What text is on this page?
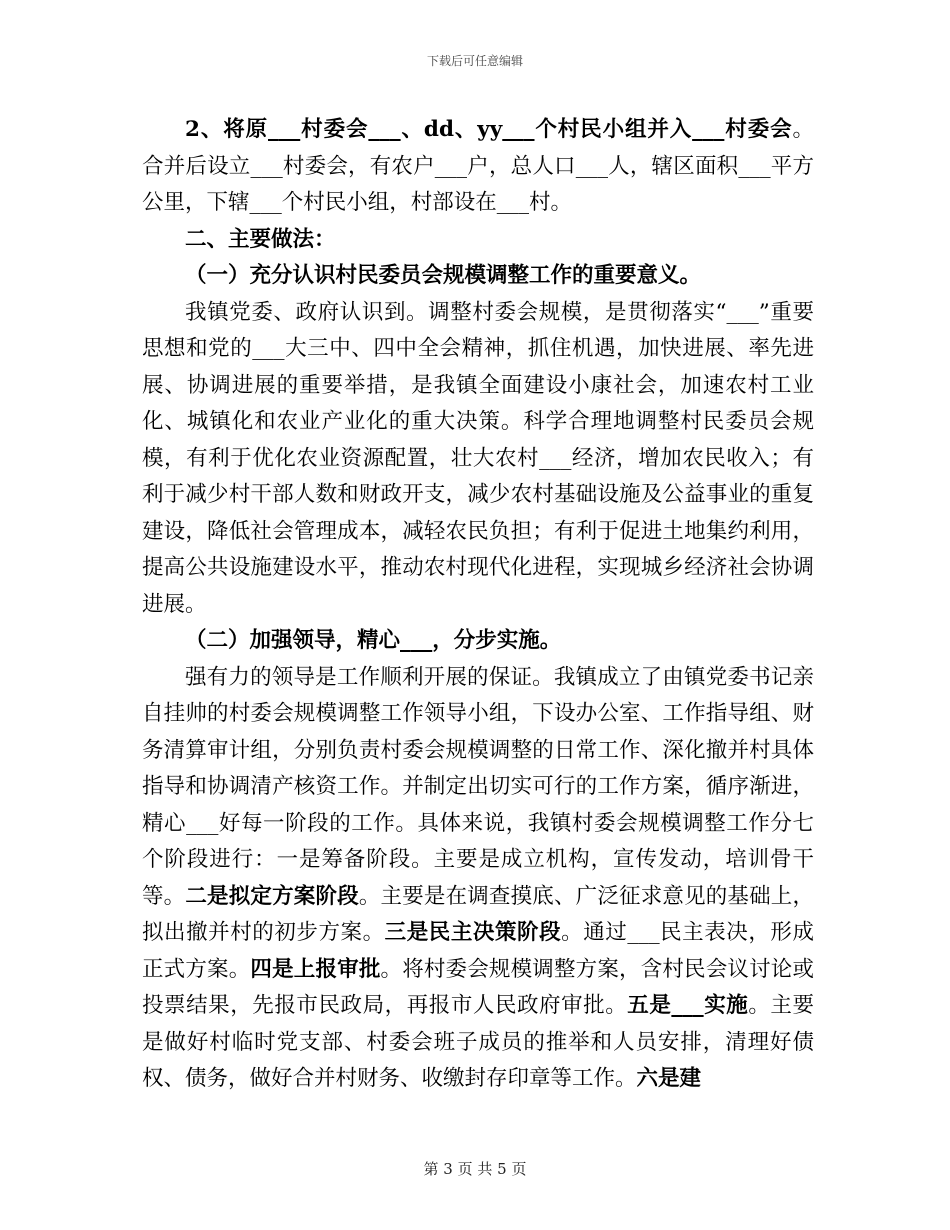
下载后可任意编辑

2、将原___村委会___、dd、yy___个村民小组并入___村委会。合并后设立___村委会，有农户___户，总人口___人，辖区面积___平方公里，下辖___个村民小组，村部设在___村。

二、主要做法：

（一）充分认识村民委员会规模调整工作的重要意义。

我镇党委、政府认识到。调整村委会规模，是贯彻落实“___”重要思想和党的___大三中、四中全会精神，抓住机遇，加快进展、率先进展、协调进展的重要举措，是我镇全面建设小康社会，加速农村工业化、城镇化和农业产业化的重大决策。科学合理地调整村民委员会规模，有利于优化农业资源配置，壮大农村___经济，增加农民收入；有利于减少村干部人数和财政开支，减少农村基础设施及公益事业的重复建设，降低社会管理成本，减轻农民负担；有利于促进土地集约利用，提高公共设施建设水平，推动农村现代化进程，实现城乡经济社会协调进展。

（二）加强领导，精心___，分步实施。

强有力的领导是工作顺利开展的保证。我镇成立了由镇党委书记亲自挂帅的村委会规模调整工作领导小组，下设办公室、工作指导组、财务清算审计组，分别负责村委会规模调整的日常工作、深化撤并村具体指导和协调清产核资工作。并制定出切实可行的工作方案，循序渐进，精心___好每一阶段的工作。具体来说，我镇村委会规模调整工作分七个阶段进行：一是筹备阶段。主要是成立机构，宣传发动，培训骨干等。二是拟定方案阶段。主要是在调查摸底、广泛征求意见的基础上，拟出撤并村的初步方案。三是民主决策阶段。通过___民主表决，形成正式方案。四是上报审批。将村委会规模调整方案，含村民会议讨论或投票结果，先报市民政局，再报市人民政府审批。五是___实施。主要是做好村临时党支部、村委会班子成员的推举和人员安排，清理好债权、债务，做好合并村财务、收缴封存印章等工作。六是建

第 3 页 共 5 页
